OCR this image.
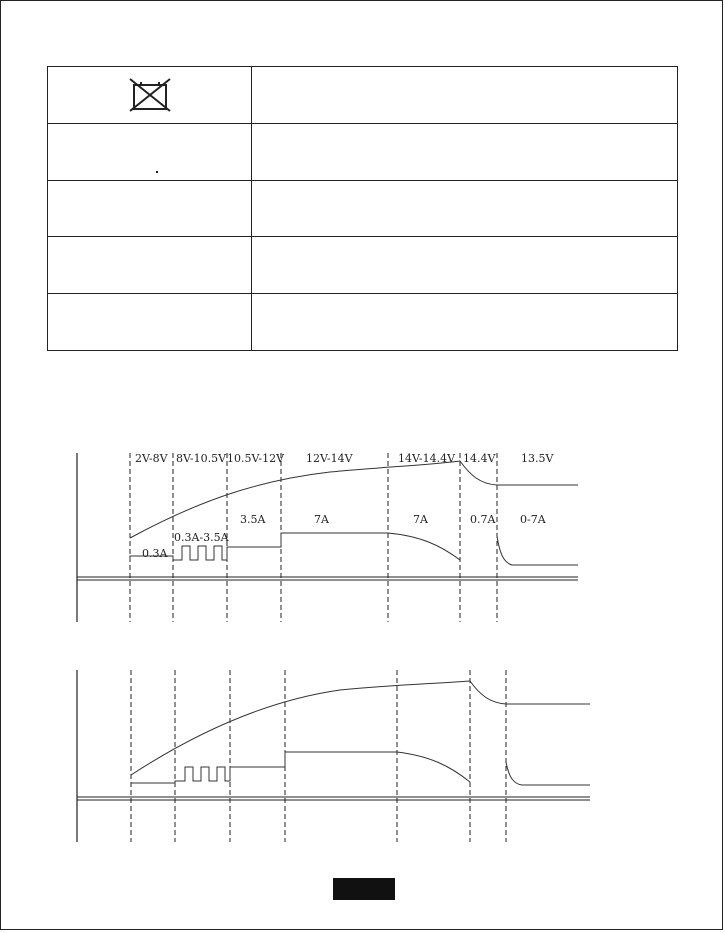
2V-8V 8V-10.5V 10.5V-12V 12V-14V	14V-14.4V 14.4V 13.5V
0.3A
0.3A-3.5A
3.5A	7A	7A	0.7A 0-7A
